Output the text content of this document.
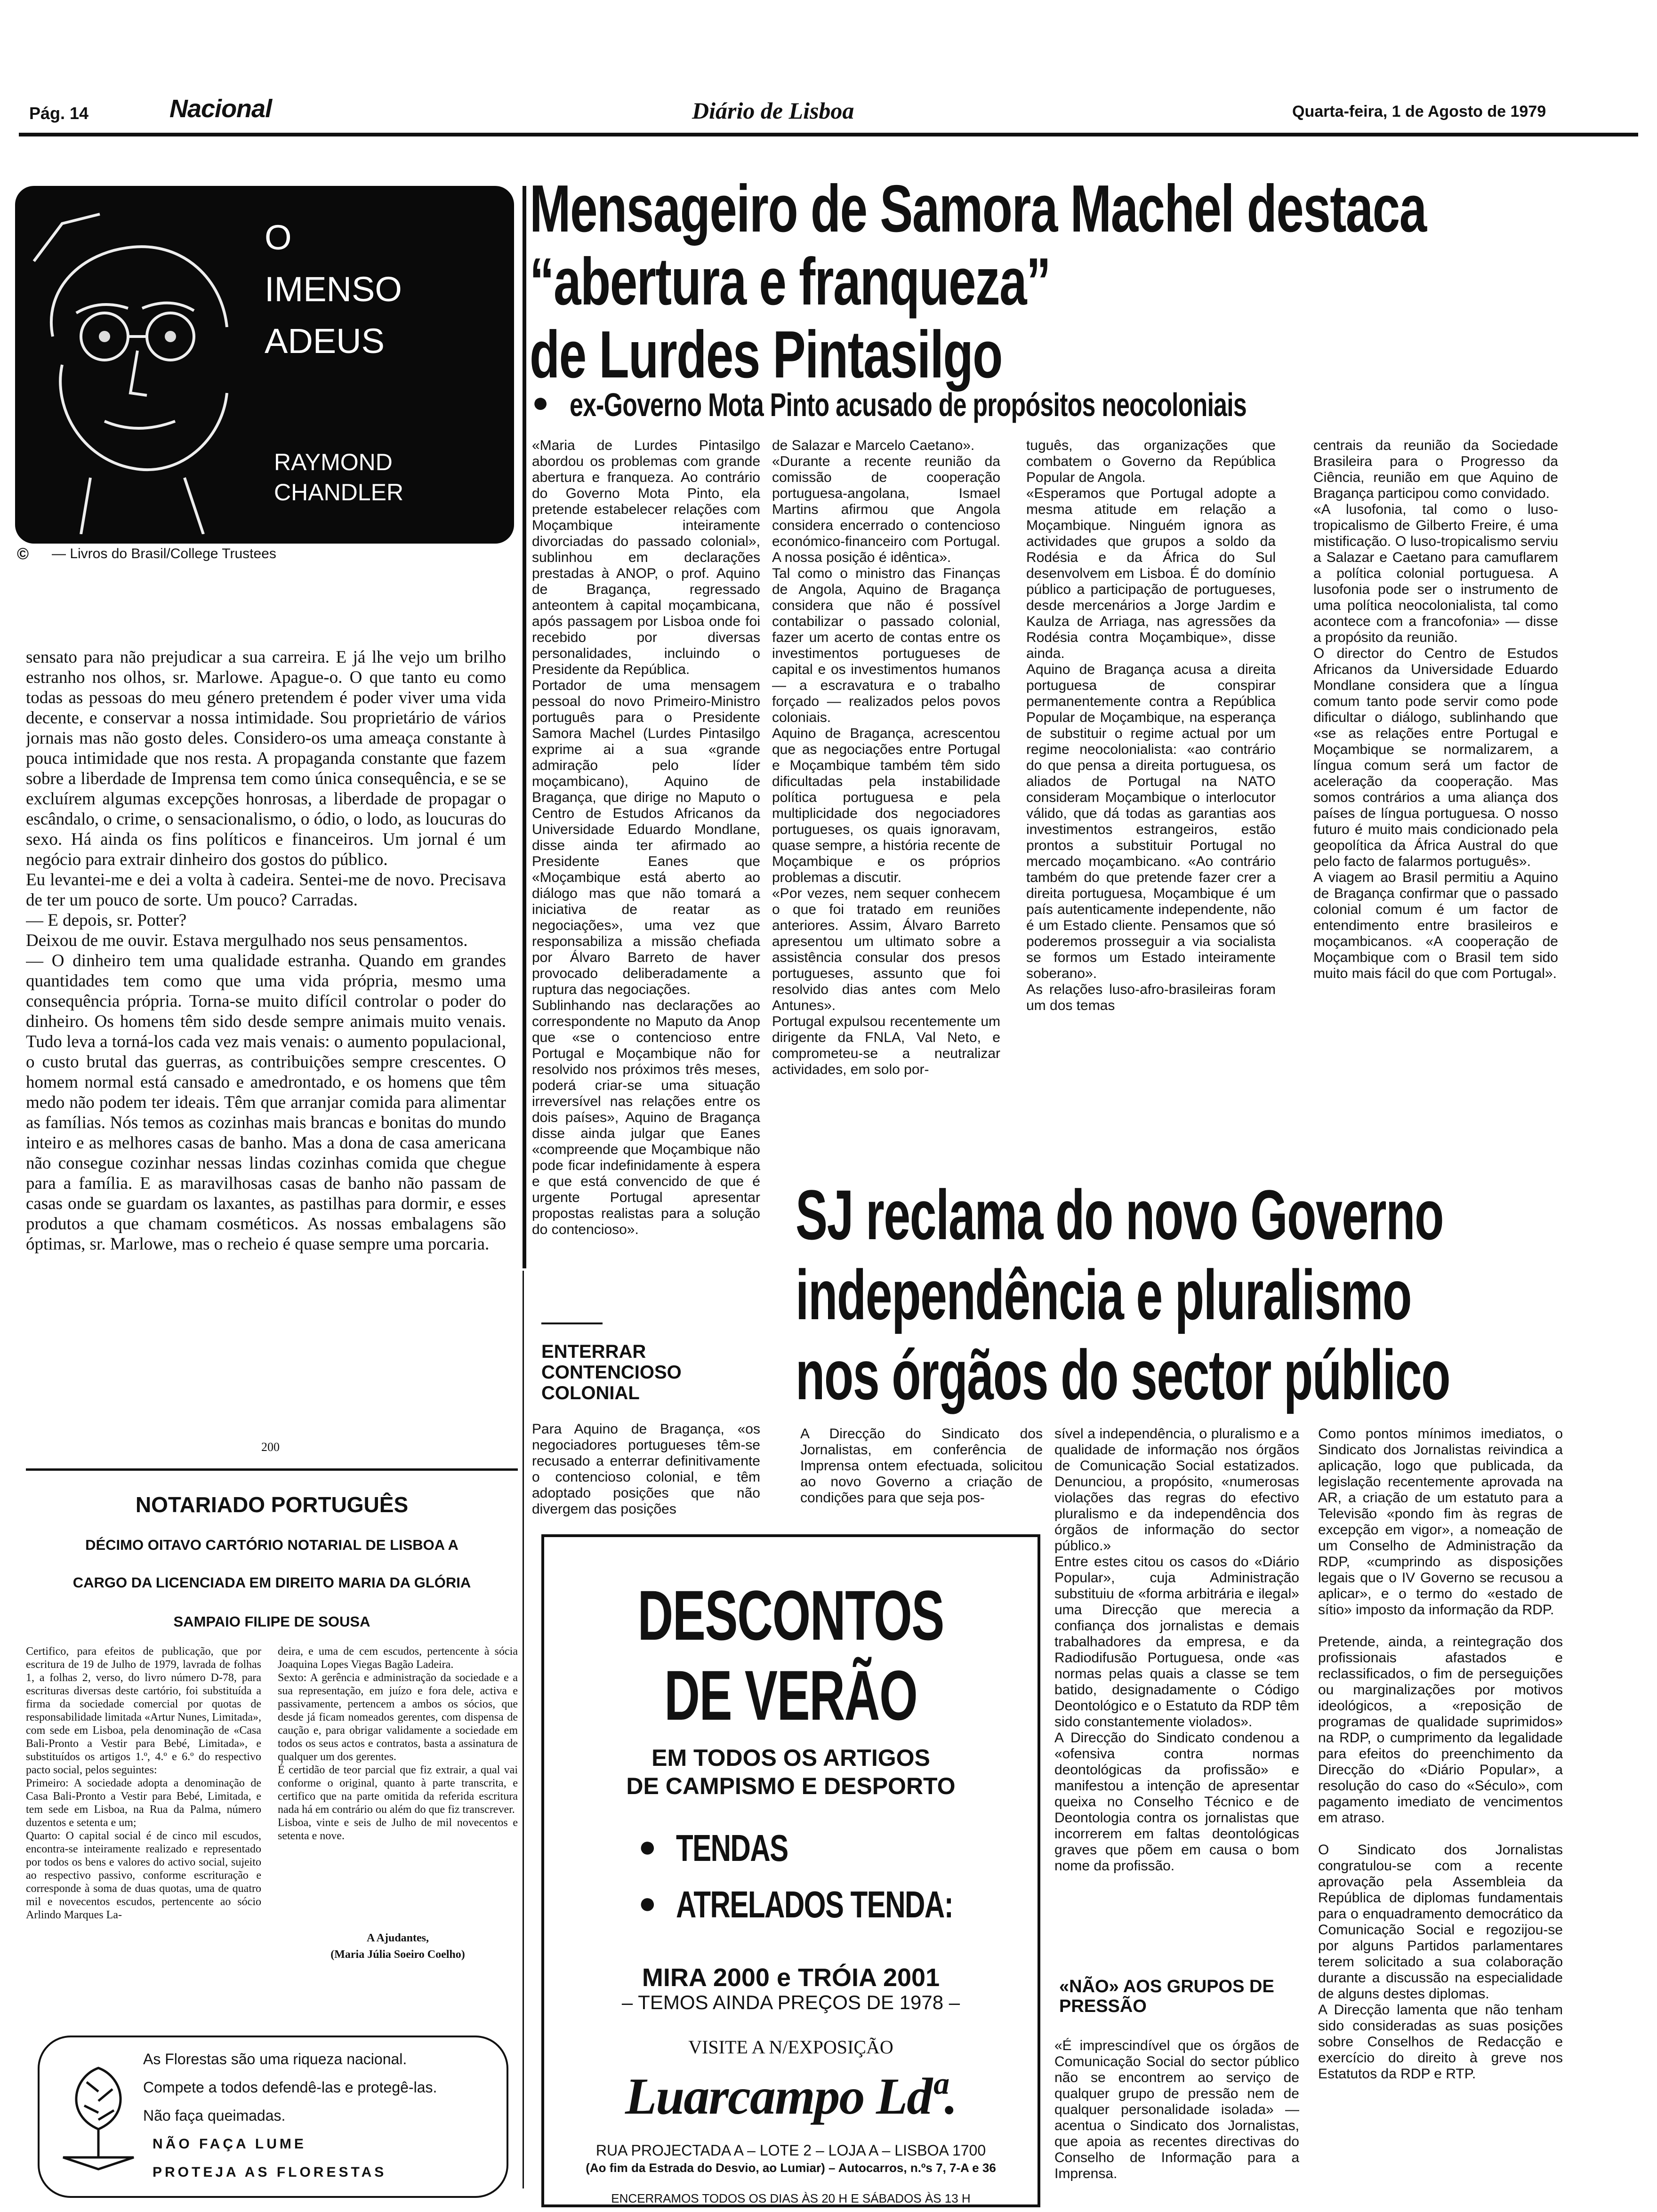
Pág. 14	Nacional	Diário de Lisboa	Quarta-feira, 1 de Agosto de 1979
O
IMENSO
ADEUS
RAYMOND
CHANDLER
© — Livros do Brasil/College Trustees
sensato para não prejudicar a sua carreira. E já lhe vejo um brilho estranho nos olhos, sr. Marlowe. Apague-o. O que tanto eu como todas as pessoas do meu género pretendem é poder viver uma vida decente, e conservar a nossa intimidade. Sou proprietário de vários jornais mas não gosto deles. Considero-os uma ameaça constante à pouca intimidade que nos resta. A propaganda constante que fazem sobre a liberdade de Imprensa tem como única consequência, e se se excluírem algumas excepções honrosas, a liberdade de propagar o escândalo, o crime, o sensacionalismo, o ódio, o lodo, as loucuras do sexo. Há ainda os fins políticos e financeiros. Um jornal é um negócio para extrair dinheiro dos gostos do público.
Eu levantei-me e dei a volta à cadeira. Sentei-me de novo. Precisava de ter um pouco de sorte. Um pouco? Carradas.
— E depois, sr. Potter?
Deixou de me ouvir. Estava mergulhado nos seus pensamentos.
— O dinheiro tem uma qualidade estranha. Quando em grandes quantidades tem como que uma vida própria, mesmo uma consequência própria. Torna-se muito difícil controlar o poder do dinheiro. Os homens têm sido desde sempre animais muito venais. Tudo leva a torná-los cada vez mais venais: o aumento populacional, o custo brutal das guerras, as contribuições sempre crescentes. O homem normal está cansado e amedrontado, e os homens que têm medo não podem ter ideais. Têm que arranjar comida para alimentar as famílias. Nós temos as cozinhas mais brancas e bonitas do mundo inteiro e as melhores casas de banho. Mas a dona de casa americana não consegue cozinhar nessas lindas cozinhas comida que chegue para a família. E as maravilhosas casas de banho não passam de casas onde se guardam os laxantes, as pastilhas para dormir, e esses produtos a que chamam cosméticos. As nossas embalagens são óptimas, sr. Marlowe, mas o recheio é quase sempre uma porcaria.
200
NOTARIADO PORTUGUÊS
DÉCIMO OITAVO CARTÓRIO NOTARIAL DE LISBOA A
CARGO DA LICENCIADA EM DIREITO MARIA DA GLÓRIA
SAMPAIO FILIPE DE SOUSA
Certifico, para efeitos de publicação, que por escritura de 19 de Julho de 1979, lavrada de folhas 1, a folhas 2, verso, do livro número D-78, para escrituras diversas deste cartório, foi substituída a firma da sociedade comercial por quotas de responsabilidade limitada «Artur Nunes, Limitada», com sede em Lisboa, pela denominação de «Casa Bali-Pronto a Vestir para Bebé, Limitada», e substituídos os artigos 1.º, 4.º e 6.º do respectivo pacto social, pelos seguintes:
Primeiro: A sociedade adopta a denominação de Casa Bali-Pronto a Vestir para Bebé, Limitada, e tem sede em Lisboa, na Rua da Palma, número duzentos e setenta e um;
Quarto: O capital social é de cinco mil escudos, encontra-se inteiramente realizado e representado por todos os bens e valores do activo social, sujeito ao respectivo passivo, conforme escrituração e corresponde à soma de duas quotas, uma de quatro mil e novecentos escudos, pertencente ao sócio Arlindo Marques La-
deira, e uma de cem escudos, pertencente à sócia Joaquina Lopes Viegas Bagão Ladeira.
Sexto: A gerência e administração da sociedade e a sua representação, em juízo e fora dele, activa e passivamente, pertencem a ambos os sócios, que desde já ficam nomeados gerentes, com dispensa de caução e, para obrigar validamente a sociedade em todos os seus actos e contratos, basta a assinatura de qualquer um dos gerentes.
É certidão de teor parcial que fiz extrair, a qual vai conforme o original, quanto à parte transcrita, e certifico que na parte omitida da referida escritura nada há em contrário ou além do que fiz transcrever.
Lisboa, vinte e seis de Julho de mil novecentos e setenta e nove.
A Ajudantes,
(Maria Júlia Soeiro Coelho)
As Florestas são uma riqueza nacional.
Compete a todos defendê-las e protegê-las.
Não faça queimadas.
NÃO FAÇA LUME
PROTEJA AS FLORESTAS
Mensageiro de Samora Machel destaca
“abertura e franqueza”
de Lurdes Pintasilgo
● ex-Governo Mota Pinto acusado de propósitos neocoloniais
«Maria de Lurdes Pintasilgo abordou os problemas com grande abertura e franqueza. Ao contrário do Governo Mota Pinto, ela pretende estabelecer relações com Moçambique inteiramente divorciadas do passado colonial», sublinhou em declarações prestadas à ANOP, o prof. Aquino de Bragança, regressado anteontem à capital moçambicana, após passagem por Lisboa onde foi recebido por diversas personalidades, incluindo o Presidente da República.
Portador de uma mensagem pessoal do novo Primeiro-Ministro português para o Presidente Samora Machel (Lurdes Pintasilgo exprime ai a sua «grande admiração pelo líder moçambicano), Aquino de Bragança, que dirige no Maputo o Centro de Estudos Africanos da Universidade Eduardo Mondlane, disse ainda ter afirmado ao Presidente Eanes que «Moçambique está aberto ao diálogo mas que não tomará a iniciativa de reatar as negociações», uma vez que responsabiliza a missão chefiada por Álvaro Barreto de haver provocado deliberadamente a ruptura das negociações.
Sublinhando nas declarações ao correspondente no Maputo da Anop que «se o contencioso entre Portugal e Moçambique não for resolvido nos próximos três meses, poderá criar-se uma situação irreversível nas relações entre os dois países», Aquino de Bragança disse ainda julgar que Eanes «compreende que Moçambique não pode ficar indefinidamente à espera e que está convencido de que é urgente Portugal apresentar propostas realistas para a solução do contencioso».
ENTERRAR CONTENCIOSO COLONIAL
Para Aquino de Bragança, «os negociadores portugueses têm-se recusado a enterrar definitivamente o contencioso colonial, e têm adoptado posições que não divergem das posições
de Salazar e Marcelo Caetano».
«Durante a recente reunião da comissão de cooperação portuguesa-angolana, Ismael Martins afirmou que Angola considera encerrado o contencioso económico-financeiro com Portugal. A nossa posição é idêntica».
Tal como o ministro das Finanças de Angola, Aquino de Bragança considera que não é possível contabilizar o passado colonial, fazer um acerto de contas entre os investimentos portugueses de capital e os investimentos humanos — a escravatura e o trabalho forçado — realizados pelos povos coloniais.
Aquino de Bragança, acrescentou que as negociações entre Portugal e Moçambique também têm sido dificultadas pela instabilidade política portuguesa e pela multiplicidade dos negociadores portugueses, os quais ignoravam, quase sempre, a história recente de Moçambique e os próprios problemas a discutir.
«Por vezes, nem sequer conhecem o que foi tratado em reuniões anteriores. Assim, Álvaro Barreto apresentou um ultimato sobre a assistência consular dos presos portugueses, assunto que foi resolvido dias antes com Melo Antunes».
Portugal expulsou recentemente um dirigente da FNLA, Val Neto, e comprometeu-se a neutralizar actividades, em solo por-
tuguês, das organizações que combatem o Governo da República Popular de Angola.
«Esperamos que Portugal adopte a mesma atitude em relação a Moçambique. Ninguém ignora as actividades que grupos a soldo da Rodésia e da África do Sul desenvolvem em Lisboa. É do domínio público a participação de portugueses, desde mercenários a Jorge Jardim e Kaulza de Arriaga, nas agressões da Rodésia contra Moçambique», disse ainda.
Aquino de Bragança acusa a direita portuguesa de conspirar permanentemente contra a República Popular de Moçambique, na esperança de substituir o regime actual por um regime neocolonialista: «ao contrário do que pensa a direita portuguesa, os aliados de Portugal na NATO consideram Moçambique o interlocutor válido, que dá todas as garantias aos investimentos estrangeiros, estão prontos a substituir Portugal no mercado moçambicano. «Ao contrário também do que pretende fazer crer a direita portuguesa, Moçambique é um país autenticamente independente, não é um Estado cliente. Pensamos que só poderemos prosseguir a via socialista se formos um Estado inteiramente soberano».
As relações luso-afro-brasileiras foram um dos temas
centrais da reunião da Sociedade Brasileira para o Progresso da Ciência, reunião em que Aquino de Bragança participou como convidado.
«A lusofonia, tal como o luso-tropicalismo de Gilberto Freire, é uma mistificação. O luso-tropicalismo serviu a Salazar e Caetano para camuflarem a política colonial portuguesa. A lusofonia pode ser o instrumento de uma política neocolonialista, tal como acontece com a francofonia» — disse a propósito da reunião.
O director do Centro de Estudos Africanos da Universidade Eduardo Mondlane considera que a língua comum tanto pode servir como pode dificultar o diálogo, sublinhando que «se as relações entre Portugal e Moçambique se normalizarem, a língua comum será um factor de aceleração da cooperação. Mas somos contrários a uma aliança dos países de língua portuguesa. O nosso futuro é muito mais condicionado pela geopolítica da África Austral do que pelo facto de falarmos português».
A viagem ao Brasil permitiu a Aquino de Bragança confirmar que o passado colonial comum é um factor de entendimento entre brasileiros e moçambicanos. «A cooperação de Moçambique com o Brasil tem sido muito mais fácil do que com Portugal».
SJ reclama do novo Governo
independência e pluralismo
nos órgãos do sector público
A Direcção do Sindicato dos Jornalistas, em conferência de Imprensa ontem efectuada, solicitou ao novo Governo a criação de condições para que seja pos-
sível a independência, o pluralismo e a qualidade de informação nos órgãos de Comunicação Social estatizados. Denunciou, a propósito, «numerosas violações das regras do efectivo pluralismo e da independência dos órgãos de informação do sector público.»
Entre estes citou os casos do «Diário Popular», cuja Administração substituiu de «forma arbitrária e ilegal» uma Direcção que merecia a confiança dos jornalistas e demais trabalhadores da empresa, e da Radiodifusão Portuguesa, onde «as normas pelas quais a classe se tem batido, designadamente o Código Deontológico e o Estatuto da RDP têm sido constantemente violados».
A Direcção do Sindicato condenou a «ofensiva contra normas deontológicas da profissão» e manifestou a intenção de apresentar queixa no Conselho Técnico e de Deontologia contra os jornalistas que incorrerem em faltas deontológicas graves que põem em causa o bom nome da profissão.
«NÃO» AOS GRUPOS DE PRESSÃO
«É imprescindível que os órgãos de Comunicação Social do sector público não se encontrem ao serviço de qualquer grupo de pressão nem de qualquer personalidade isolada» — acentua o Sindicato dos Jornalistas, que apoia as recentes directivas do Conselho de Informação para a Imprensa.
Como pontos mínimos imediatos, o Sindicato dos Jornalistas reivindica a aplicação, logo que publicada, da legislação recentemente aprovada na AR, a criação de um estatuto para a Televisão «pondo fim às regras de excepção em vigor», a nomeação de um Conselho de Administração da RDP, «cumprindo as disposições legais que o IV Governo se recusou a aplicar», e o termo do «estado de sítio» imposto da informação da RDP.

Pretende, ainda, a reintegração dos profissionais afastados e reclassificados, o fim de perseguições ou marginalizações por motivos ideológicos, a «reposição de programas de qualidade suprimidos» na RDP, o cumprimento da legalidade para efeitos do preenchimento da Direcção do «Diário Popular», a resolução do caso do «Século», com pagamento imediato de vencimentos em atraso.

O Sindicato dos Jornalistas congratulou-se com a recente aprovação pela Assembleia da República de diplomas fundamentais para o enquadramento democrático da Comunicação Social e regozijou-se por alguns Partidos parlamentares terem solicitado a sua colaboração durante a discussão na especialidade de alguns destes diplomas.
A Direcção lamenta que não tenham sido consideradas as suas posições sobre Conselhos de Redacção e exercício do direito à greve nos Estatutos da RDP e RTP.
DESCONTOS
DE VERÃO
EM TODOS OS ARTIGOS
DE CAMPISMO E DESPORTO
● TENDAS
● ATRELADOS TENDA:
MIRA 2000 e TRÓIA 2001
– TEMOS AINDA PREÇOS DE 1978 –
VISITE A N/EXPOSIÇÃO
Luarcampo Ldª.
RUA PROJECTADA A – LOTE 2 – LOJA A – LISBOA 1700
(Ao fim da Estrada do Desvio, ao Lumiar) – Autocarros, n.ºs 7, 7-A e 36
ENCERRAMOS TODOS OS DIAS ÀS 20 H E SÁBADOS ÀS 13 H
